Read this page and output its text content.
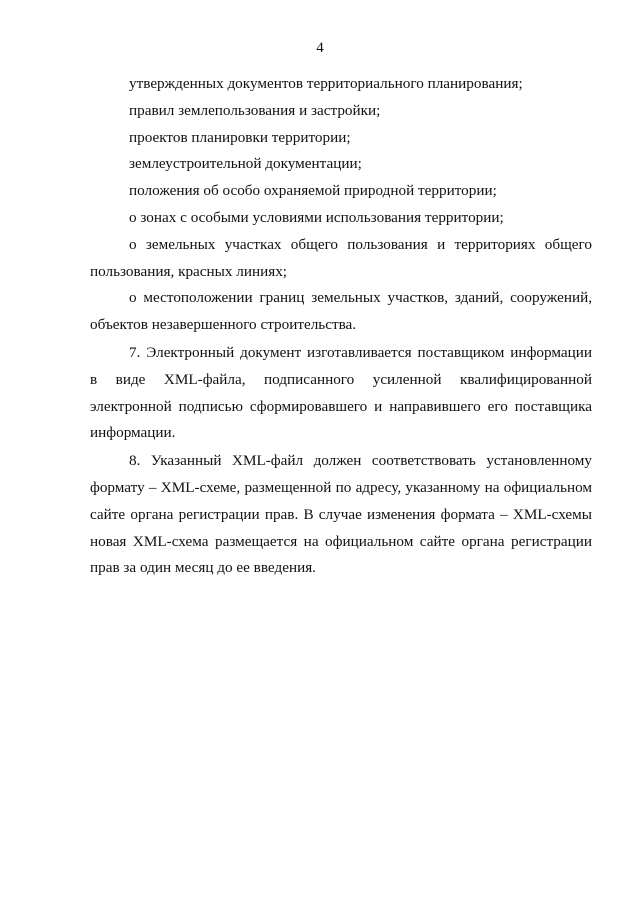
4

утвержденных документов территориального планирования;

правил землепользования и застройки;

проектов планировки территории;

землеустроительной документации;

положения об особо охраняемой природной территории;

о зонах с особыми условиями использования территории;

о земельных участках общего пользования и территориях общего пользования, красных линиях;

о местоположении границ земельных участков, зданий, сооружений, объектов незавершенного строительства.

7. Электронный документ изготавливается поставщиком информации в виде XML-файла, подписанного усиленной квалифицированной электронной подписью сформировавшего и направившего его поставщика информации.

8. Указанный XML-файл должен соответствовать установленному формату – XML-схеме, размещенной по адресу, указанному на официальном сайте органа регистрации прав. В случае изменения формата – XML-схемы новая XML-схема размещается на официальном сайте органа регистрации прав за один месяц до ее введения.
